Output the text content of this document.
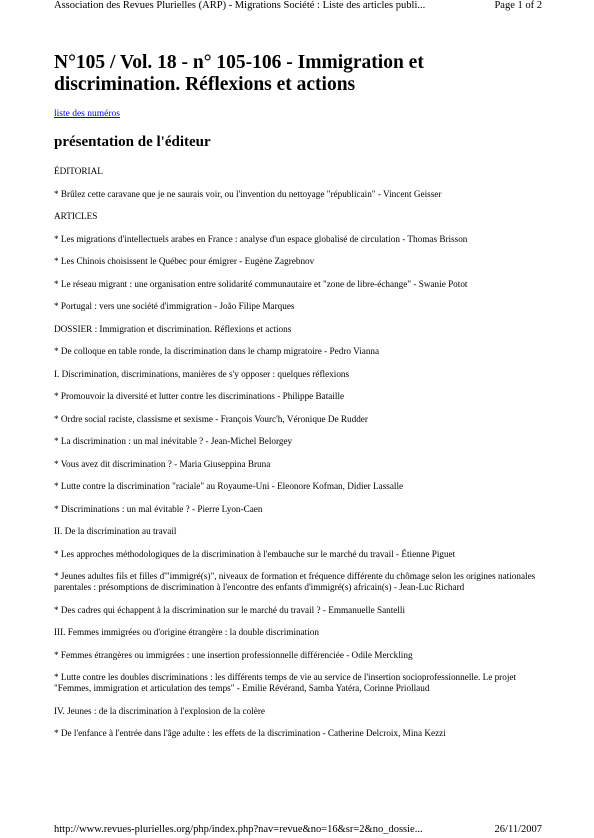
Association des Revues Plurielles (ARP) - Migrations Société : Liste des articles publi...	Page 1 of 2
N°105 / Vol. 18 - n° 105-106 - Immigration et discrimination. Réflexions et actions
liste des numéros
présentation de l'éditeur

ÉDITORIAL

* Brûlez cette caravane que je ne saurais voir, ou l'invention du nettoyage "républicain" - Vincent Geisser

ARTICLES

* Les migrations d'intellectuels arabes en France : analyse d'un espace globalisé de circulation - Thomas Brisson

* Les Chinois choisissent le Québec pour émigrer - Eugène Zagrebnov

* Le réseau migrant : une organisation entre solidarité communautaire et "zone de libre-échange" - Swanie Potot

* Portugal : vers une société d'immigration - João Filipe Marques

DOSSIER : Immigration et discrimination. Réflexions et actions

* De colloque en table ronde, la discrimination dans le champ migratoire - Pedro Vianna

I. Discrimination, discriminations, manières de s'y opposer : quelques réflexions

* Promouvoir la diversité et lutter contre les discriminations - Philippe Bataille

* Ordre social raciste, classisme et sexisme - François Vourc'h, Véronique De Rudder

* La discrimination : un mal inévitable ? - Jean-Michel Belorgey

* Vous avez dit discrimination ? - Maria Giuseppina Bruna

* Lutte contre la discrimination "raciale" au Royaume-Uni - Eleonore Kofman, Didier Lassalle

* Discriminations : un mal évitable ? - Pierre Lyon-Caen

II. De la discrimination au travail

* Les approches méthodologiques de la discrimination à l'embauche sur le marché du travail - Étienne Piguet

* Jeunes adultes fils et filles d'"immigré(s)", niveaux de formation et fréquence différente du chômage selon les origines nationales parentales : présomptions de discrimination à l'encontre des enfants d'immigré(s) africain(s) - Jean-Luc Richard

* Des cadres qui échappent à la discrimination sur le marché du travail ? - Emmanuelle Santelli

III. Femmes immigrées ou d'origine étrangère : la double discrimination

* Femmes étrangères ou immigrées : une insertion professionnelle différenciée - Odile Merckling

* Lutte contre les doubles discriminations : les différents temps de vie au service de l'insertion socioprofessionnelle. Le projet "Femmes, immigration et articulation des temps" - Emilie Révérand, Samba Yatéra, Corinne Priollaud

IV. Jeunes : de la discrimination à l'explosion de la colère

* De l'enfance à l'entrée dans l'âge adulte : les effets de la discrimination - Catherine Delcroix, Mina Kezzi

http://www.revues-plurielles.org/php/index.php?nav=revue&no=16&sr=2&no_dossie...	26/11/2007
